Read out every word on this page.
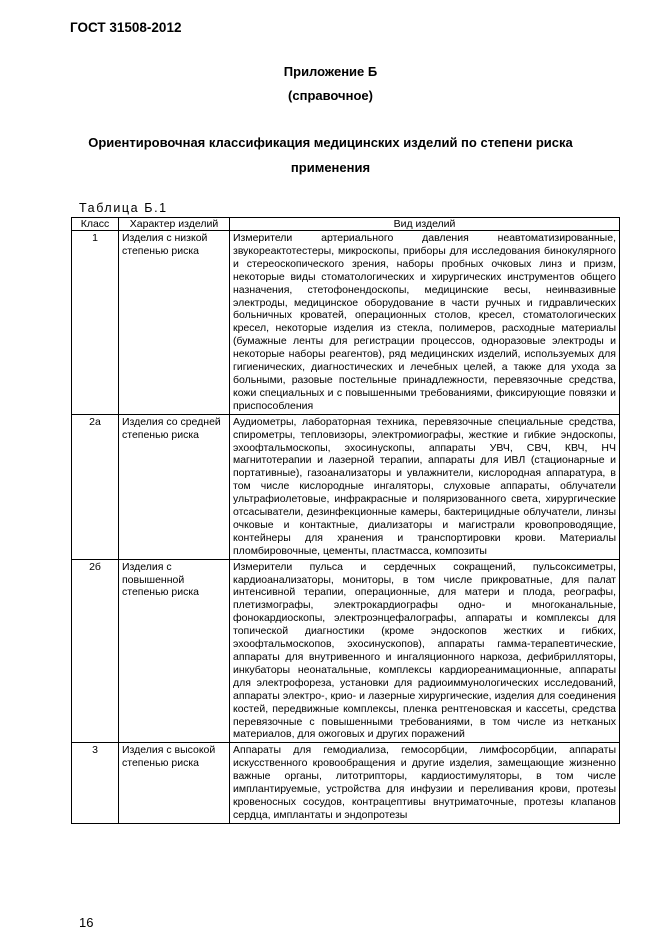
ГОСТ 31508-2012
Приложение Б
(справочное)
Ориентировочная классификация медицинских изделий по степени риска
применения
Таблица Б.1
Класс	Характер изделий	Вид изделий
1	Изделия с низкой степенью риска	Измерители артериального давления неавтоматизированные, звукореактотестеры, микроскопы, приборы для исследования бинокулярного и стереоскопического зрения, наборы пробных очковых линз и призм, некоторые виды стоматологических и хирургических инструментов общего назначения, стетофонендоскопы, медицинские весы, неинвазивные электроды, медицинское оборудование в части ручных и гидравлических больничных кроватей, операционных столов, кресел, стоматологических кресел, некоторые изделия из стекла, полимеров, расходные материалы (бумажные ленты для регистрации процессов, одноразовые электроды и некоторые наборы реагентов), ряд медицинских изделий, используемых для гигиенических, диагностических и лечебных целей, а также для ухода за больными, разовые постельные принадлежности, перевязочные средства, кожи специальных и с повышенными требованиями, фиксирующие повязки и приспособления
2а	Изделия со средней степенью риска	Аудиометры, лабораторная техника, перевязочные специальные средства, спирометры, тепловизоры, электромиографы, жесткие и гибкие эндоскопы, эхоофтальмоскопы, эхосинускопы, аппараты УВЧ, СВЧ, КВЧ, НЧ магнитотерапии и лазерной терапии, аппараты для ИВЛ (стационарные и портативные), газоанализаторы и увлажнители, кислородная аппаратура, в том числе кислородные ингаляторы, слуховые аппараты, облучатели ультрафиолетовые, инфракрасные и поляризованного света, хирургические отсасыватели, дезинфекционные камеры, бактерицидные облучатели, линзы очковые и контактные, диализаторы и магистрали кровопроводящие, контейнеры для хранения и транспортировки крови. Материалы пломбировочные, цементы, пластмасса, композиты
2б	Изделия с повышенной степенью риска	Измерители пульса и сердечных сокращений, пульсоксиметры, кардиоанализаторы, мониторы, в том числе прикроватные, для палат интенсивной терапии, операционные, для матери и плода, реографы, плетизмографы, электрокардиографы одно- и многоканальные, фонокардиоскопы, электроэнцефалографы, аппараты и комплексы для топической диагностики (кроме эндоскопов жестких и гибких, эхоофтальмоскопов, эхосинускопов), аппараты гамма-терапевтические, аппараты для внутривенного и ингаляционного наркоза, дефибрилляторы, инкубаторы неонатальные, комплексы кардиореанимационные, аппараты для электрофореза, установки для радиоиммунологических исследований, аппараты электро-, крио- и лазерные хирургические, изделия для соединения костей, передвижные комплексы, пленка рентгеновская и кассеты, средства перевязочные с повышенными требованиями, в том числе из нетканых материалов, для ожоговых и других поражений
3	Изделия с высокой степенью риска	Аппараты для гемодиализа, гемосорбции, лимфосорбции, аппараты искусственного кровообращения и другие изделия, замещающие жизненно важные органы, литотрипторы, кардиостимуляторы, в том числе имплантируемые, устройства для инфузии и переливания крови, протезы кровеносных сосудов, контрацептивы внутриматочные, протезы клапанов сердца, имплантаты и эндопротезы
16
